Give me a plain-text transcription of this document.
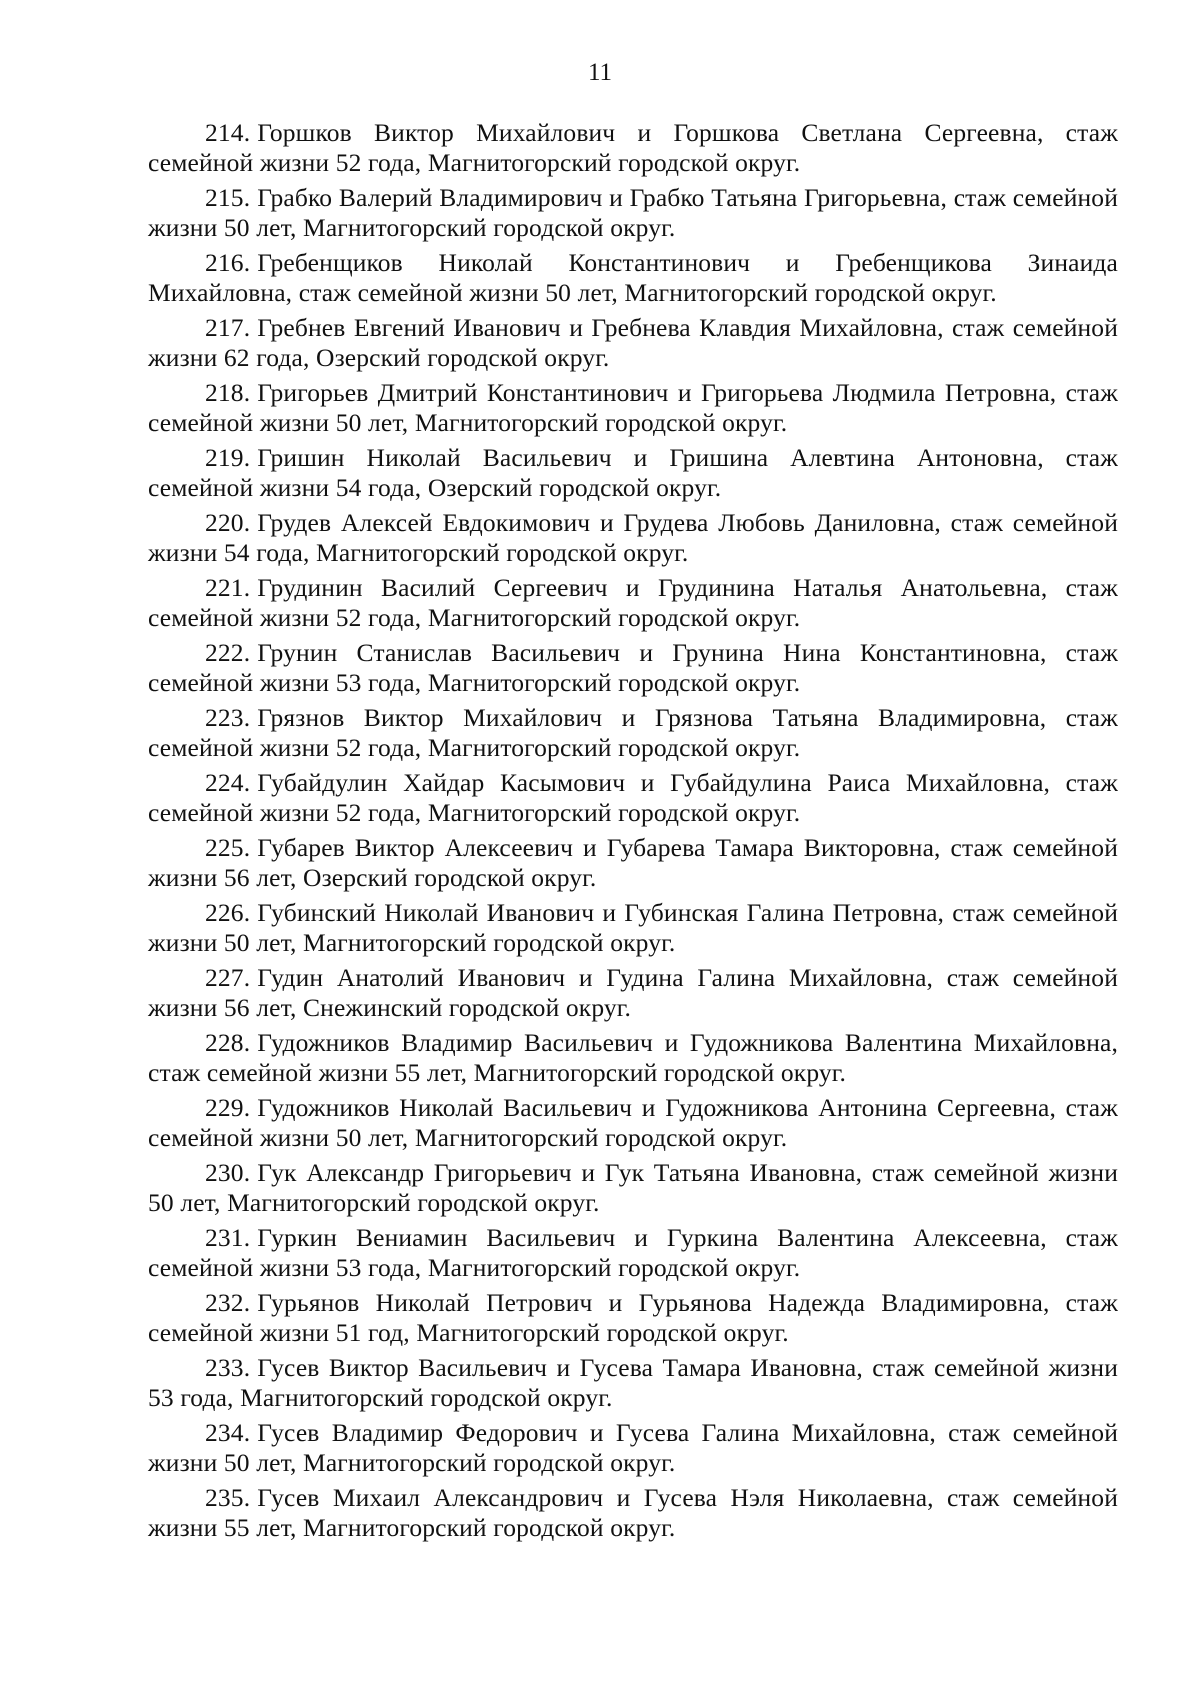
11

214. Горшков Виктор Михайлович и Горшкова Светлана Сергеевна, стаж семейной жизни 52 года, Магнитогорский городской округ.

215. Грабко Валерий Владимирович и Грабко Татьяна Григорьевна, стаж семейной жизни 50 лет, Магнитогорский городской округ.

216. Гребенщиков Николай Константинович и Гребенщикова Зинаида Михайловна, стаж семейной жизни 50 лет, Магнитогорский городской округ.

217. Гребнев Евгений Иванович и Гребнева Клавдия Михайловна, стаж семейной жизни 62 года, Озерский городской округ.

218. Григорьев Дмитрий Константинович и Григорьева Людмила Петровна, стаж семейной жизни 50 лет, Магнитогорский городской округ.

219. Гришин Николай Васильевич и Гришина Алевтина Антоновна, стаж семейной жизни 54 года, Озерский городской округ.

220. Грудев Алексей Евдокимович и Грудева Любовь Даниловна, стаж семейной жизни 54 года, Магнитогорский городской округ.

221. Грудинин Василий Сергеевич и Грудинина Наталья Анатольевна, стаж семейной жизни 52 года, Магнитогорский городской округ.

222. Грунин Станислав Васильевич и Грунина Нина Константиновна, стаж семейной жизни 53 года, Магнитогорский городской округ.

223. Грязнов Виктор Михайлович и Грязнова Татьяна Владимировна, стаж семейной жизни 52 года, Магнитогорский городской округ.

224. Губайдулин Хайдар Касымович и Губайдулина Раиса Михайловна, стаж семейной жизни 52 года, Магнитогорский городской округ.

225. Губарев Виктор Алексеевич и Губарева Тамара Викторовна, стаж семейной жизни 56 лет, Озерский городской округ.

226. Губинский Николай Иванович и Губинская Галина Петровна, стаж семейной жизни 50 лет, Магнитогорский городской округ.

227. Гудин Анатолий Иванович и Гудина Галина Михайловна, стаж семейной жизни 56 лет, Снежинский городской округ.

228. Гудожников Владимир Васильевич и Гудожникова Валентина Михайловна, стаж семейной жизни 55 лет, Магнитогорский городской округ.

229. Гудожников Николай Васильевич и Гудожникова Антонина Сергеевна, стаж семейной жизни 50 лет, Магнитогорский городской округ.

230. Гук Александр Григорьевич и Гук Татьяна Ивановна, стаж семейной жизни 50 лет, Магнитогорский городской округ.

231. Гуркин Вениамин Васильевич и Гуркина Валентина Алексеевна, стаж семейной жизни 53 года, Магнитогорский городской округ.

232. Гурьянов Николай Петрович и Гурьянова Надежда Владимировна, стаж семейной жизни 51 год, Магнитогорский городской округ.

233. Гусев Виктор Васильевич и Гусева Тамара Ивановна, стаж семейной жизни 53 года, Магнитогорский городской округ.

234. Гусев Владимир Федорович и Гусева Галина Михайловна, стаж семейной жизни 50 лет, Магнитогорский городской округ.

235. Гусев Михаил Александрович и Гусева Нэля Николаевна, стаж семейной жизни 55 лет, Магнитогорский городской округ.
